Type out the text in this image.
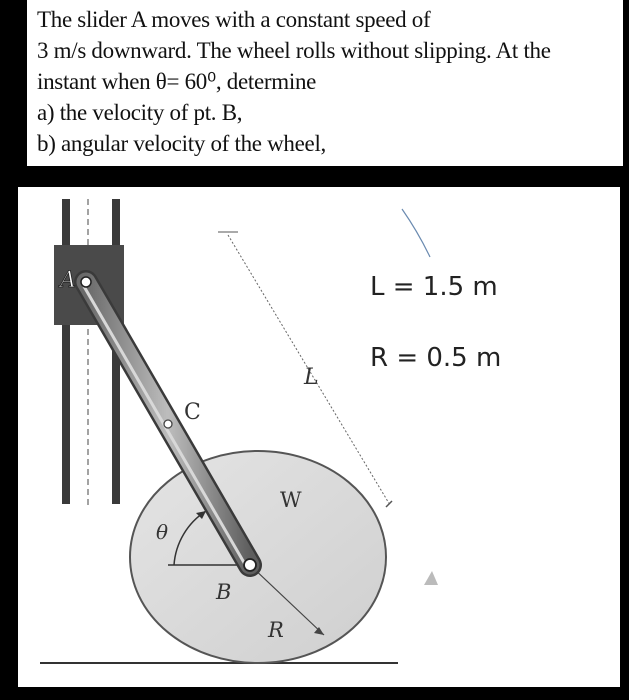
The slider A moves with a constant speed of
3 m/s downward. The wheel rolls without slipping. At the
instant when θ= 60⁰, determine
a) the velocity of pt. B,
b) angular velocity of the wheel,
A
C
L
W
θ
B
R
L = 1.5 m
R = 0.5 m
